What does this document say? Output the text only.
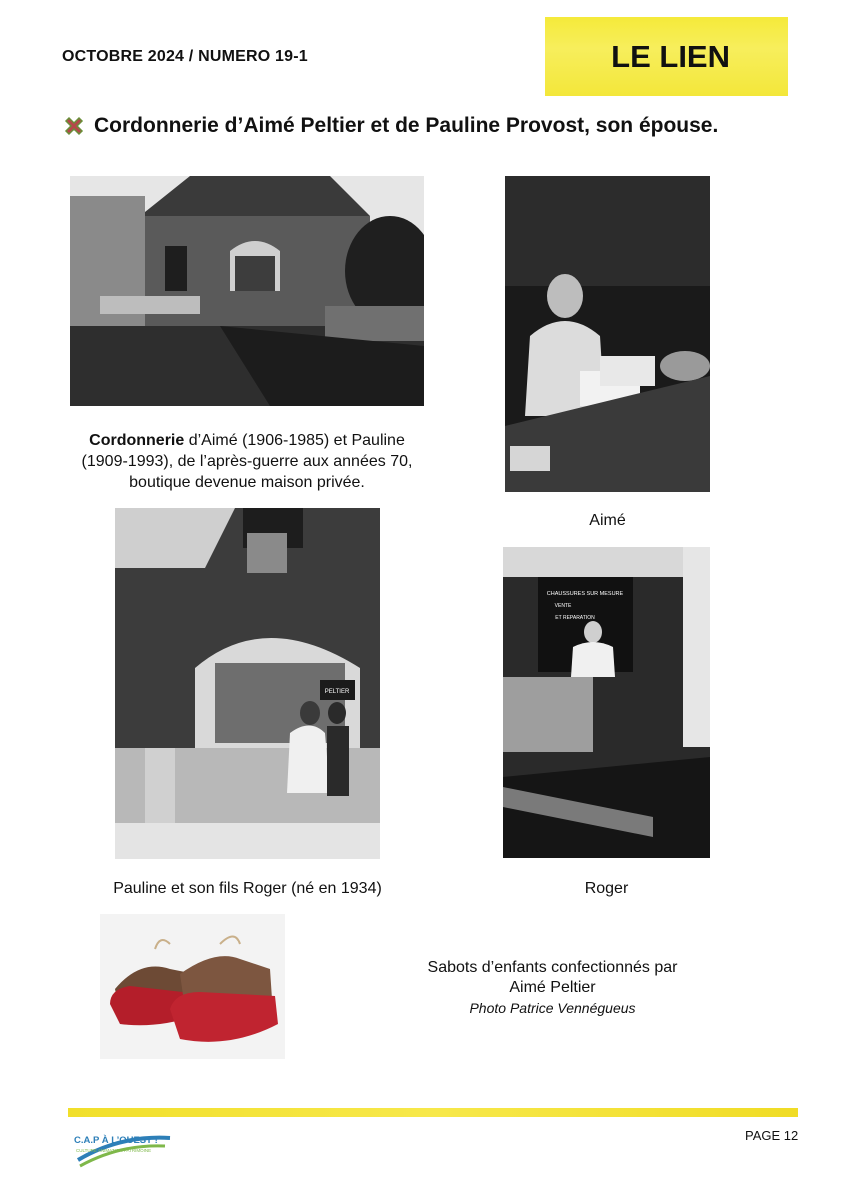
OCTOBRE 2024 / NUMERO 19-1	LE LIEN
Cordonnerie d’Aimé Peltier et de Pauline Provost, son épouse.
Cordonnerie d’Aimé (1906-1985) et Pauline
(1909-1993), de l’après-guerre aux années 70,
boutique devenue maison privée.
Aimé
PELTIER
Pauline et son fils Roger (né en 1934)
CHAUSSURES SUR MESURE
VENTE
ET REPARATION
Roger
Sabots d’enfants confectionnés par
Aimé Peltier
Photo Patrice Vennégueus
C.A.P À L’OUEST !
CULTURE ANIMATION PATRIMOINE
PAGE 12
